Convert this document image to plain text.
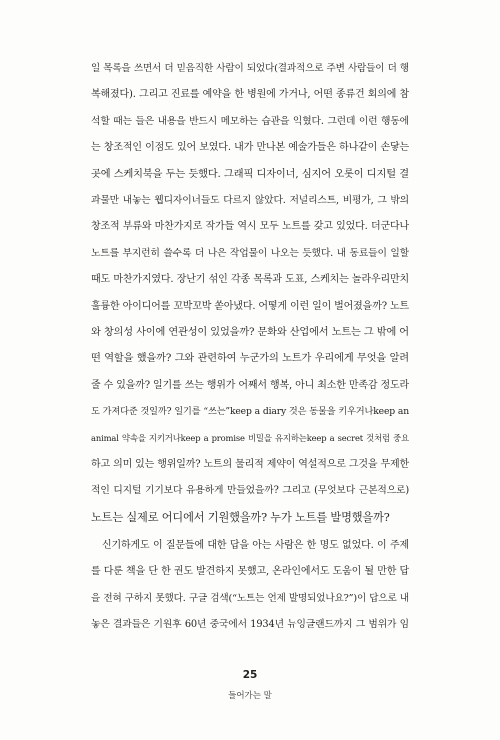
일 목록을 쓰면서 더 믿음직한 사람이 되었다(결과적으로 주변 사람들이 더 행
복해졌다). 그리고 진료를 예약을 한 병원에 가거나, 어떤 종류건 회의에 참
석할 때는 들은 내용을 반드시 메모하는 습관을 익혔다. 그런데 이런 행동에
는 창조적인 이점도 있어 보였다. 내가 만나본 예술가들은 하나같이 손닿는
곳에 스케치북을 두는 듯했다. 그래픽 디자이너, 심지어 오롯이 디지털 결
과물만 내놓는 웹디자이너들도 다르지 않았다. 저널리스트, 비평가, 그 밖의
창조적 부류와 마찬가지로 작가들 역시 모두 노트를 갖고 있었다. 더군다나
노트를 부지런히 쓸수록 더 나은 작업물이 나오는 듯했다. 내 동료들이 일할
때도 마찬가지였다. 장난기 섞인 각종 목록과 도표, 스케치는 놀라우리만치
훌륭한 아이디어를 꼬박꼬박 쏟아냈다. 어떻게 이런 일이 벌어졌을까? 노트
와 창의성 사이에 연관성이 있었을까? 문화와 산업에서 노트는 그 밖에 어
떤 역할을 했을까? 그와 관련하여 누군가의 노트가 우리에게 무엇을 알려
줄 수 있을까? 일기를 쓰는 행위가 어째서 행복, 아니 최소한 만족감 정도라
도 가져다준 것일까? 일기를 “쓰는”keep a diary 것은 동물을 키우거나keep an
animal 약속을 지키거나keep a promise 비밀을 유지하는keep a secret 것처럼 중요
하고 의미 있는 행위일까? 노트의 물리적 제약이 역설적으로 그것을 무제한
적인 디지털 기기보다 유용하게 만들었을까? 그리고 (무엇보다 근본적으로)
노트는 실제로 어디에서 기원했을까? 누가 노트를 발명했을까?
신기하게도 이 질문들에 대한 답을 아는 사람은 한 명도 없었다. 이 주제
를 다룬 책을 단 한 권도 발견하지 못했고, 온라인에서도 도움이 될 만한 답
을 전혀 구하지 못했다. 구글 검색(“노트는 언제 발명되었나요?”)이 답으로 내
놓은 결과들은 기원후 60년 중국에서 1934년 뉴잉글랜드까지 그 범위가 임
25
들어가는 말
